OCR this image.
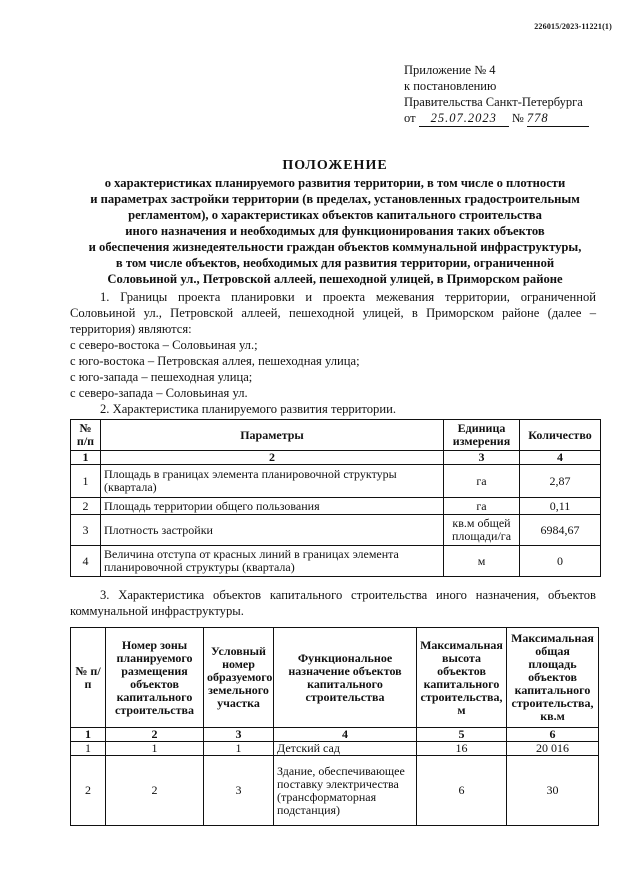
226015/2023-11221(1)
Приложение № 4
к постановлению
Правительства Санкт-Петербурга
от 25.07.2023 № 778
ПОЛОЖЕНИЕ
о характеристиках планируемого развития территории, в том числе о плотности
и параметрах застройки территории (в пределах, установленных градостроительным
регламентом), о характеристиках объектов капитального строительства
иного назначения и необходимых для функционирования таких объектов
и обеспечения жизнедеятельности граждан объектов коммунальной инфраструктуры,
в том числе объектов, необходимых для развития территории, ограниченной
Соловьиной ул., Петровской аллеей, пешеходной улицей, в Приморском районе
1. Границы проекта планировки и проекта межевания территории, ограниченной Соловьиной ул., Петровской аллеей, пешеходной улицей, в Приморском районе (далее – территория) являются:
с северо-востока – Соловьиная ул.;
с юго-востока – Петровская аллея, пешеходная улица;
с юго-запада – пешеходная улица;
с северо-запада – Соловьиная ул.
2. Характеристика планируемого развития территории.
№ п/п	Параметры	Единица измерения	Количество
1	2	3	4
1	Площадь в границах элемента планировочной структуры (квартала)	га	2,87
2	Площадь территории общего пользования	га	0,11
3	Плотность застройки	кв.м общей площади/га	6984,67
4	Величина отступа от красных линий в границах элемента планировочной структуры (квартала)	м	0
3. Характеристика объектов капитального строительства иного назначения, объектов коммунальной инфраструктуры.
№ п/п	Номер зоны планируемого размещения объектов капитального строительства	Условный номер образуемого земельного участка	Функциональное назначение объектов капитального строительства	Максимальная высота объектов капитального строительства, м	Максимальная общая площадь объектов капитального строительства, кв.м
1	2	3	4	5	6
1	1	1	Детский сад	16	20 016
2	2	3	Здание, обеспечивающее поставку электричества (трансформаторная подстанция)	6	30
